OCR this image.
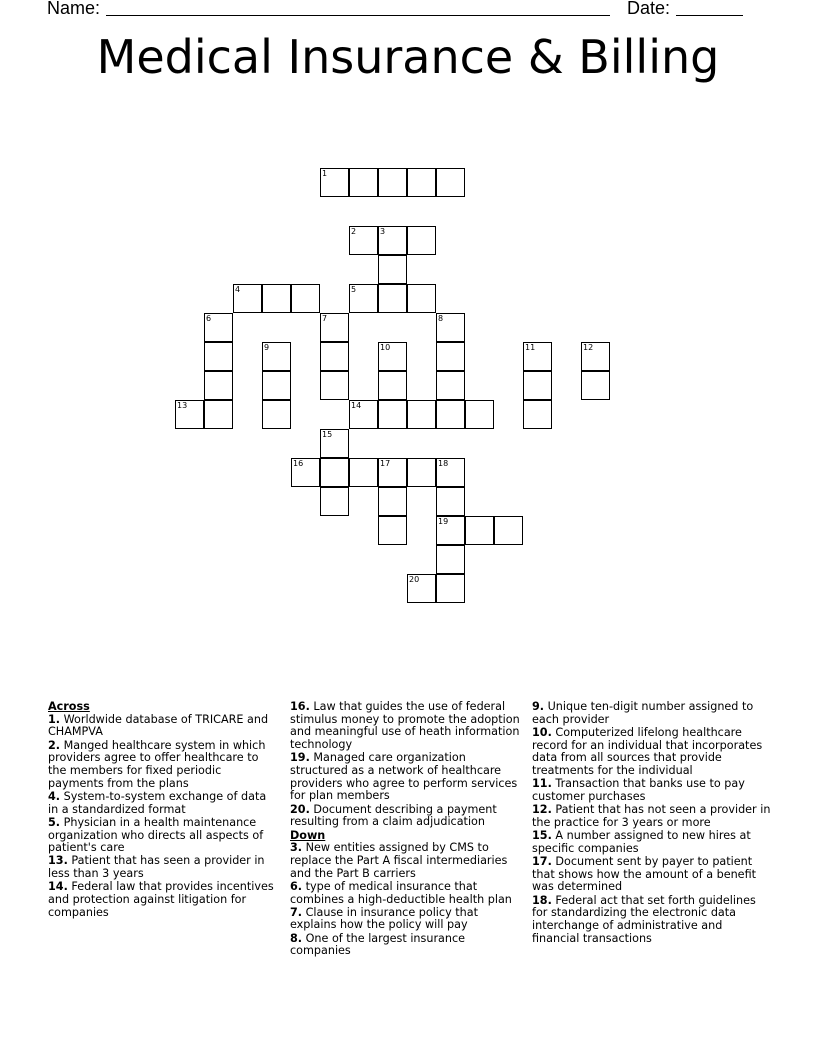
Name:	Date:
Medical Insurance & Billing
1
2	3
4	5
6	7	8
9	10	11	12
13	14
15
16	17	18
19
20
Across
1. Worldwide database of TRICARE and CHAMPVA
2. Manged healthcare system in which providers agree to offer healthcare to the members for fixed periodic payments from the plans
4. System-to-system exchange of data in a standardized format
5. Physician in a health maintenance organization who directs all aspects of patient's care
13. Patient that has seen a provider in less than 3 years
14. Federal law that provides incentives and protection against litigation for companies
16. Law that guides the use of federal stimulus money to promote the adoption and meaningful use of heath information technology
19. Managed care organization structured as a network of healthcare providers who agree to perform services for plan members
20. Document describing a payment resulting from a claim adjudication
Down
3. New entities assigned by CMS to replace the Part A fiscal intermediaries and the Part B carriers
6. type of medical insurance that combines a high-deductible health plan
7. Clause in insurance policy that explains how the policy will pay
8. One of the largest insurance companies
9. Unique ten-digit number assigned to each provider
10. Computerized lifelong healthcare record for an individual that incorporates data from all sources that provide treatments for the individual
11. Transaction that banks use to pay customer purchases
12. Patient that has not seen a provider in the practice for 3 years or more
15. A number assigned to new hires at specific companies
17. Document sent by payer to patient that shows how the amount of a benefit was determined
18. Federal act that set forth guidelines for standardizing the electronic data interchange of administrative and financial transactions
